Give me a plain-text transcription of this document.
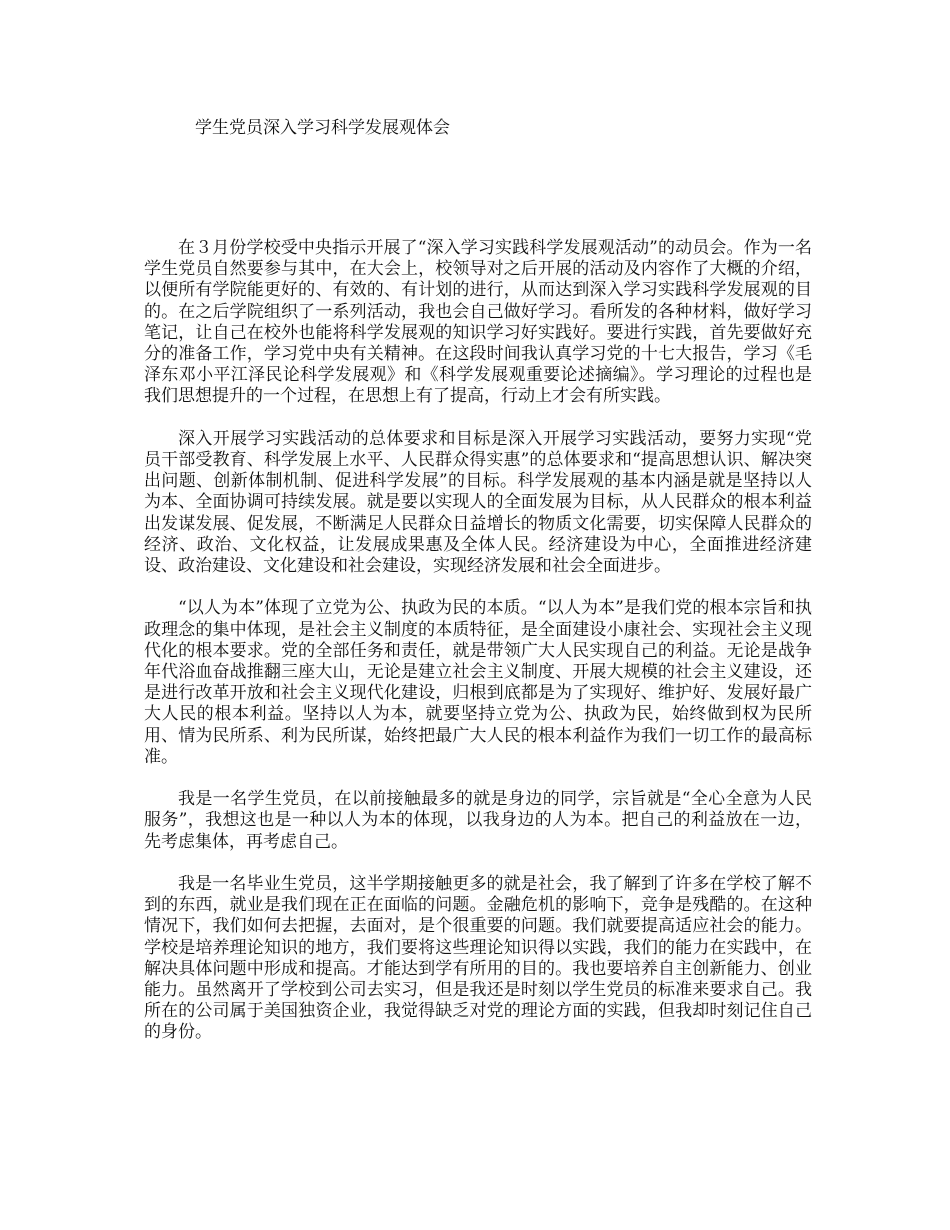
学生党员深入学习科学发展观体会

在３月份学校受中央指示开展了“深入学习实践科学发展观活动”的动员会。作为一名学生党员自然要参与其中，在大会上，校领导对之后开展的活动及内容作了大概的介绍，以便所有学院能更好的、有效的、有计划的进行，从而达到深入学习实践科学发展观的目的。在之后学院组织了一系列活动，我也会自己做好学习。看所发的各种材料，做好学习笔记，让自己在校外也能将科学发展观的知识学习好实践好。要进行实践，首先要做好充分的准备工作，学习党中央有关精神。在这段时间我认真学习党的十七大报告，学习《毛泽东邓小平江泽民论科学发展观》和《科学发展观重要论述摘编》。学习理论的过程也是我们思想提升的一个过程，在思想上有了提高，行动上才会有所实践。

深入开展学习实践活动的总体要求和目标是深入开展学习实践活动，要努力实现“党员干部受教育、科学发展上水平、人民群众得实惠”的总体要求和“提高思想认识、解决突出问题、创新体制机制、促进科学发展”的目标。科学发展观的基本内涵是就是坚持以人为本、全面协调可持续发展。就是要以实现人的全面发展为目标，从人民群众的根本利益出发谋发展、促发展，不断满足人民群众日益增长的物质文化需要，切实保障人民群众的经济、政治、文化权益，让发展成果惠及全体人民。经济建设为中心，全面推进经济建设、政治建设、文化建设和社会建设，实现经济发展和社会全面进步。

“以人为本”体现了立党为公、执政为民的本质。“以人为本”是我们党的根本宗旨和执政理念的集中体现，是社会主义制度的本质特征，是全面建设小康社会、实现社会主义现代化的根本要求。党的全部任务和责任，就是带领广大人民实现自己的利益。无论是战争年代浴血奋战推翻三座大山，无论是建立社会主义制度、开展大规模的社会主义建设，还是进行改革开放和社会主义现代化建设，归根到底都是为了实现好、维护好、发展好最广大人民的根本利益。坚持以人为本，就要坚持立党为公、执政为民，始终做到权为民所用、情为民所系、利为民所谋，始终把最广大人民的根本利益作为我们一切工作的最高标准。

我是一名学生党员，在以前接触最多的就是身边的同学，宗旨就是“全心全意为人民服务”，我想这也是一种以人为本的体现，以我身边的人为本。把自己的利益放在一边，先考虑集体，再考虑自己。

我是一名毕业生党员，这半学期接触更多的就是社会，我了解到了许多在学校了解不到的东西，就业是我们现在正在面临的问题。金融危机的影响下，竞争是残酷的。在这种情况下，我们如何去把握，去面对，是个很重要的问题。我们就要提高适应社会的能力。学校是培养理论知识的地方，我们要将这些理论知识得以实践，我们的能力在实践中，在解决具体问题中形成和提高。才能达到学有所用的目的。我也要培养自主创新能力、创业能力。虽然离开了学校到公司去实习，但是我还是时刻以学生党员的标准来要求自己。我所在的公司属于美国独资企业，我觉得缺乏对党的理论方面的实践，但我却时刻记住自己的身份。
